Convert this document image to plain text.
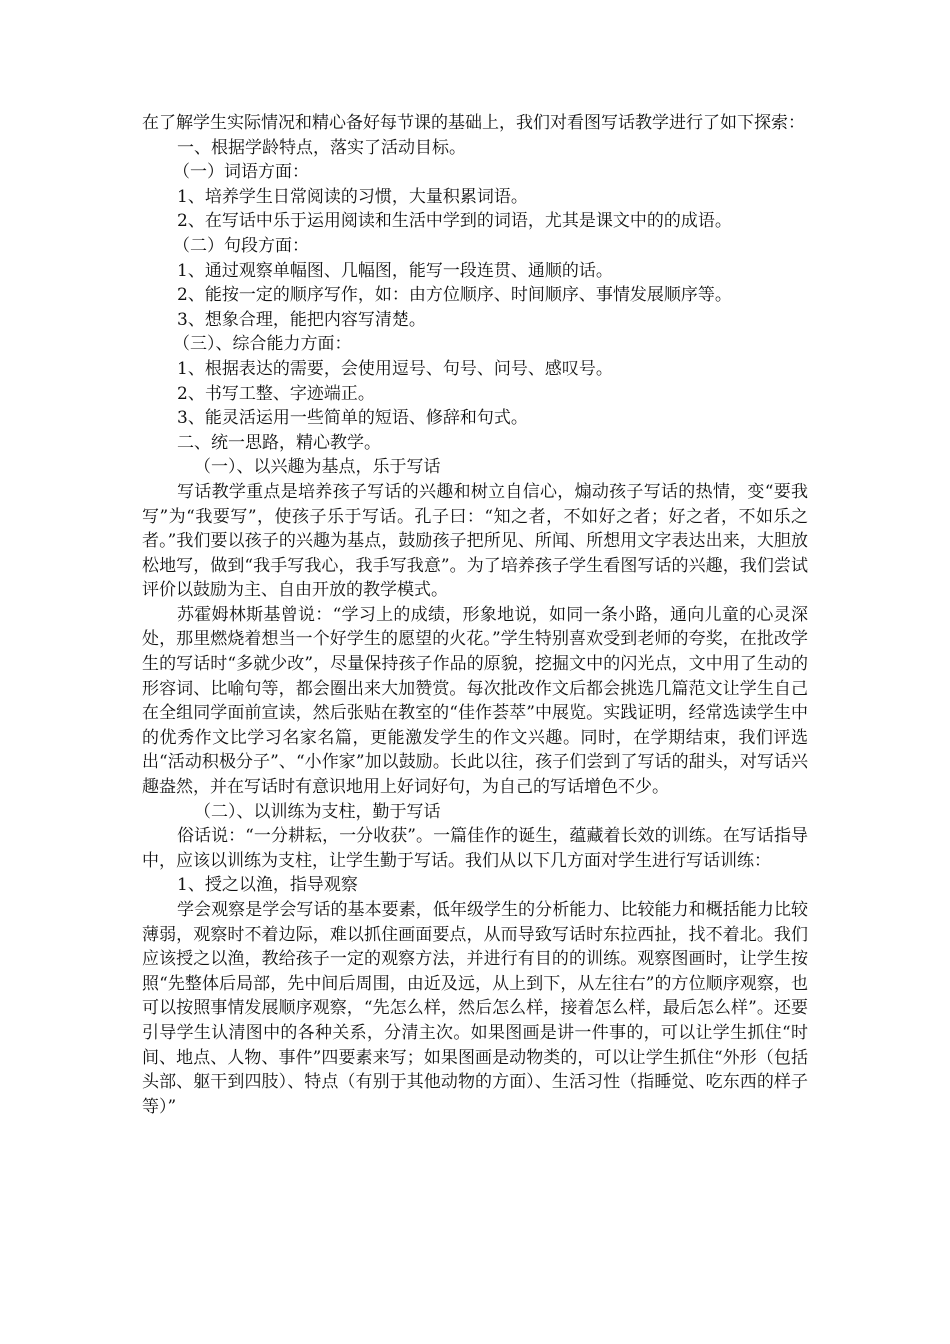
在了解学生实际情况和精心备好每节课的基础上，我们对看图写话教学进行了如下探索：

一、根据学龄特点，落实了活动目标。

（一）词语方面：

1、培养学生日常阅读的习惯，大量积累词语。

2、在写话中乐于运用阅读和生活中学到的词语，尤其是课文中的的成语。

（二）句段方面：

1、通过观察单幅图、几幅图，能写一段连贯、通顺的话。

2、能按一定的顺序写作，如：由方位顺序、时间顺序、事情发展顺序等。

3、想象合理，能把内容写清楚。

（三）、综合能力方面：

1、根据表达的需要，会使用逗号、句号、问号、感叹号。

2、书写工整、字迹端正。

3、能灵活运用一些简单的短语、修辞和句式。

二、统一思路，精心教学。

（一）、以兴趣为基点，乐于写话

写话教学重点是培养孩子写话的兴趣和树立自信心，煽动孩子写话的热情，变“要我写”为“我要写”，使孩子乐于写话。孔子曰：“知之者，不如好之者；好之者，不如乐之者。”我们要以孩子的兴趣为基点，鼓励孩子把所见、所闻、所想用文字表达出来，大胆放松地写，做到“我手写我心，我手写我意”。为了培养孩子学生看图写话的兴趣，我们尝试评价以鼓励为主、自由开放的教学模式。

苏霍姆林斯基曾说：“学习上的成绩，形象地说，如同一条小路，通向儿童的心灵深处，那里燃烧着想当一个好学生的愿望的火花。”学生特别喜欢受到老师的夸奖，在批改学生的写话时“多就少改”，尽量保持孩子作品的原貌，挖掘文中的闪光点，文中用了生动的形容词、比喻句等，都会圈出来大加赞赏。每次批改作文后都会挑选几篇范文让学生自己在全组同学面前宣读，然后张贴在教室的“佳作荟萃”中展览。实践证明，经常选读学生中的优秀作文比学习名家名篇，更能激发学生的作文兴趣。同时，在学期结束，我们评选出“活动积极分子”、“小作家”加以鼓励。长此以往，孩子们尝到了写话的甜头，对写话兴趣盎然，并在写话时有意识地用上好词好句，为自己的写话增色不少。

（二）、以训练为支柱，勤于写话

俗话说：“一分耕耘，一分收获”。一篇佳作的诞生，蕴藏着长效的训练。在写话指导中，应该以训练为支柱，让学生勤于写话。我们从以下几方面对学生进行写话训练：

1、授之以渔，指导观察

学会观察是学会写话的基本要素，低年级学生的分析能力、比较能力和概括能力比较薄弱，观察时不着边际，难以抓住画面要点，从而导致写话时东拉西扯，找不着北。我们应该授之以渔，教给孩子一定的观察方法，并进行有目的的训练。观察图画时，让学生按照“先整体后局部，先中间后周围，由近及远，从上到下，从左往右”的方位顺序观察，也可以按照事情发展顺序观察，“先怎么样，然后怎么样，接着怎么样，最后怎么样”。还要引导学生认清图中的各种关系，分清主次。如果图画是讲一件事的，可以让学生抓住“时间、地点、人物、事件”四要素来写；如果图画是动物类的，可以让学生抓住“外形（包括头部、躯干到四肢）、特点（有别于其他动物的方面）、生活习性（指睡觉、吃东西的样子等）”
